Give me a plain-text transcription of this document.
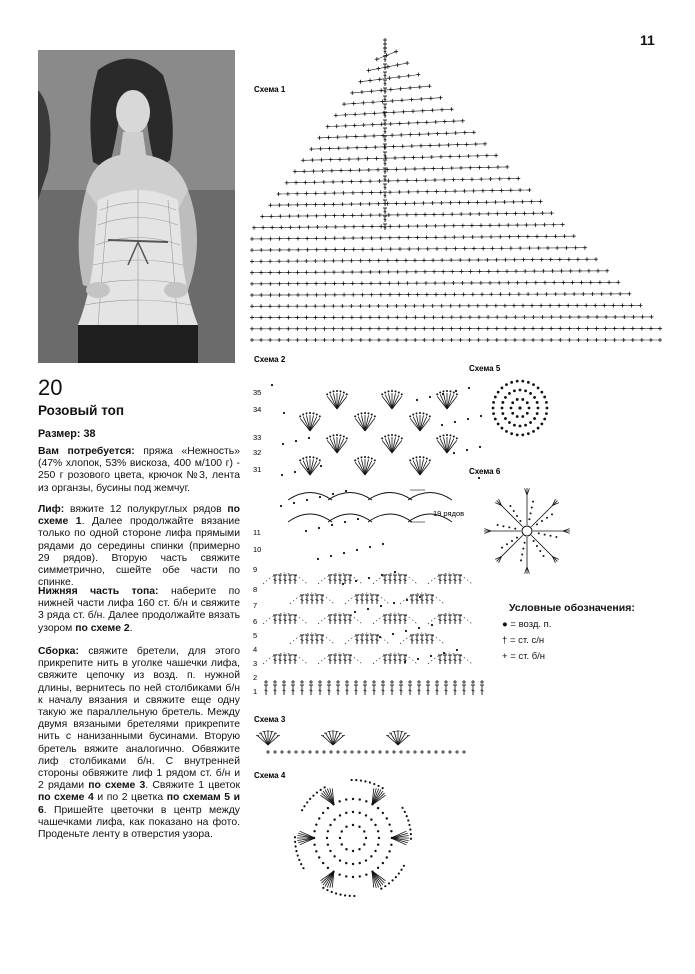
11
20
Розовый топ
Размер: 38
Вам потребуется: пряжа «Нежность» (47% хлопок, 53% вискоза, 400 м/100 г) - 250 г розового цвета, крючок №3, лента из органзы, бусины под жемчуг.
Лиф: вяжите 12 полукруглых рядов по схеме 1. Далее продолжайте вязание только по одной стороне лифа прямыми рядами до середины спинки (примерно 29 рядов). Вторую часть свяжите симметрично, сшейте обе части по спинке.
Нижняя часть топа: наберите по нижней части лифа 160 ст. б/н и свяжите 3 ряда ст. б/н. Далее продолжайте вязать узором по схеме 2.
Сборка: свяжите бретели, для этого прикрепите нить в уголке чашечки лифа, свяжите цепочку из возд. п. нужной длины, вернитесь по ней столбиками б/н к началу вязания и свяжите еще одну такую же параллельную бретель. Между двумя вязаными бретелями прикрепите нить с нанизанными бусинами. Вторую бретель вяжите аналогично. Обвяжите лиф столбиками б/н. С внутренней стороны обвяжите лиф 1 рядом ст. б/н и 2 рядами по схеме 3. Свяжите 1 цветок по схеме 4 и по 2 цветка по схемам 5 и 6. Пришейте цветочки в центр между чашечками лифа, как показано на фото. Проденьте ленту в отверстия узора.
Схема 1
Схема 2
35
34
33
32
31
11
10
9
8
7
6
5
4
3
2
1
19 рядов
Схема 5
Схема 6
Схема 3
Схема 4
Условные обозначения:
● = возд. п.
† = ст. с/н
+ = ст. б/н
